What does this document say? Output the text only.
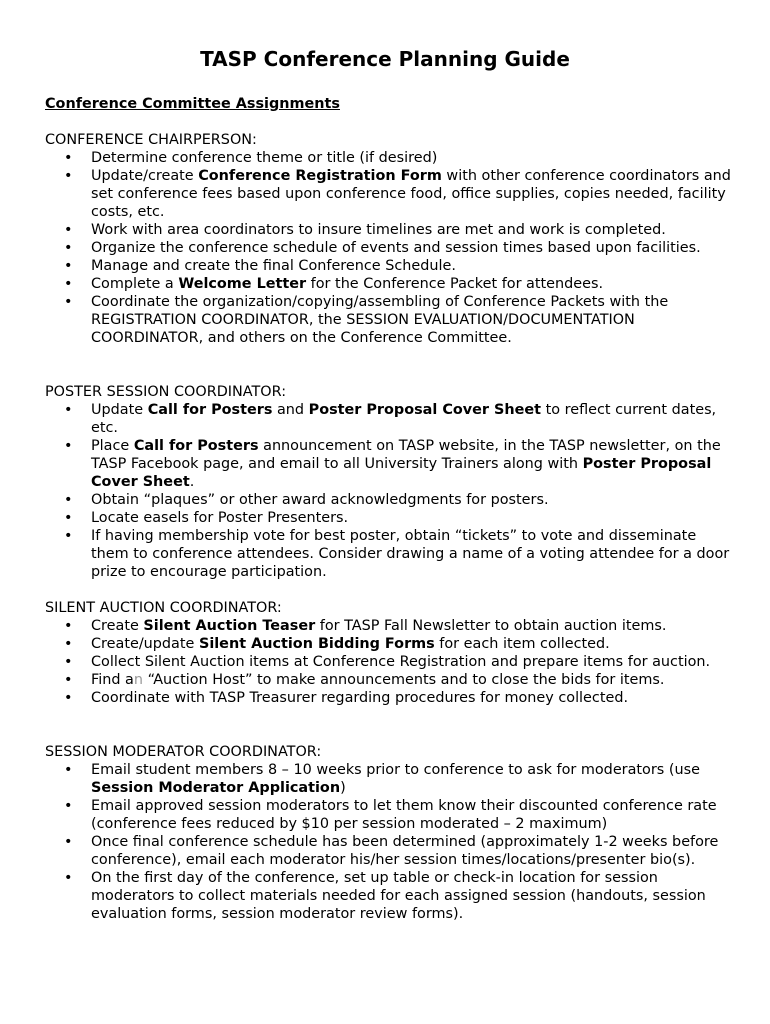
TASP Conference Planning Guide
Conference Committee Assignments
CONFERENCE CHAIRPERSON:
• Determine conference theme or title (if desired)
• Update/create Conference Registration Form with other conference coordinators and set conference fees based upon conference food, office supplies, copies needed, facility costs, etc.
• Work with area coordinators to insure timelines are met and work is completed.
• Organize the conference schedule of events and session times based upon facilities.
• Manage and create the final Conference Schedule.
• Complete a Welcome Letter for the Conference Packet for attendees.
• Coordinate the organization/copying/assembling of Conference Packets with the REGISTRATION COORDINATOR, the SESSION EVALUATION/DOCUMENTATION COORDINATOR, and others on the Conference Committee.
POSTER SESSION COORDINATOR:
• Update Call for Posters and Poster Proposal Cover Sheet to reflect current dates, etc.
• Place Call for Posters announcement on TASP website, in the TASP newsletter, on the TASP Facebook page, and email to all University Trainers along with Poster Proposal Cover Sheet.
• Obtain “plaques” or other award acknowledgments for posters.
• Locate easels for Poster Presenters.
• If having membership vote for best poster, obtain “tickets” to vote and disseminate them to conference attendees. Consider drawing a name of a voting attendee for a door prize to encourage participation.
SILENT AUCTION COORDINATOR:
• Create Silent Auction Teaser for TASP Fall Newsletter to obtain auction items.
• Create/update Silent Auction Bidding Forms for each item collected.
• Collect Silent Auction items at Conference Registration and prepare items for auction.
• Find an “Auction Host” to make announcements and to close the bids for items.
• Coordinate with TASP Treasurer regarding procedures for money collected.
SESSION MODERATOR COORDINATOR:
• Email student members 8 – 10 weeks prior to conference to ask for moderators (use Session Moderator Application)
• Email approved session moderators to let them know their discounted conference rate (conference fees reduced by $10 per session moderated – 2 maximum)
• Once final conference schedule has been determined (approximately 1-2 weeks before conference), email each moderator his/her session times/locations/presenter bio(s).
• On the first day of the conference, set up table or check-in location for session moderators to collect materials needed for each assigned session (handouts, session evaluation forms, session moderator review forms).
